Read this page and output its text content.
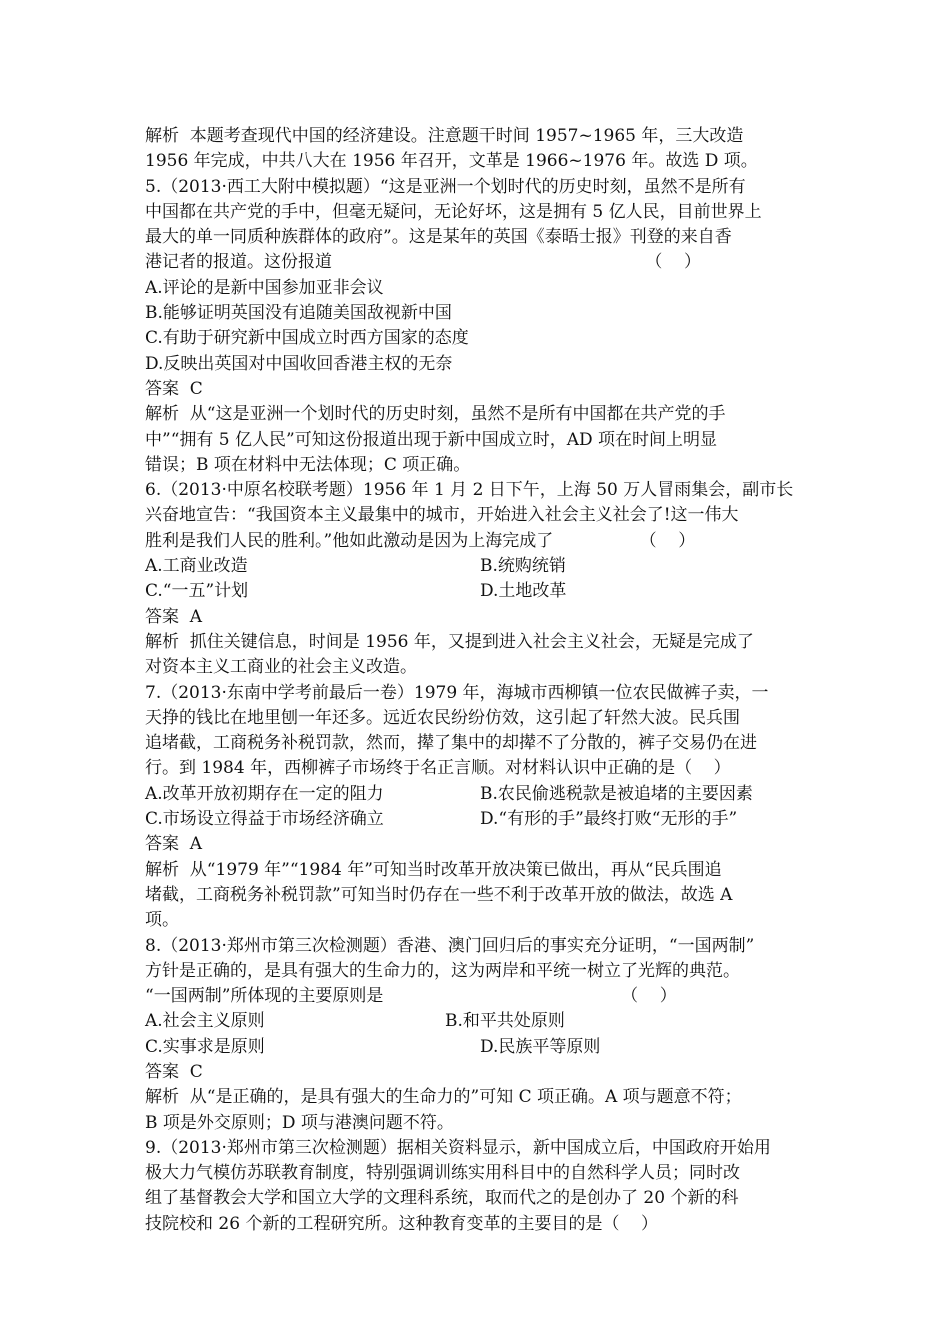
解析  本题考查现代中国的经济建设。注意题干时间 1957~1965 年，三大改造
1956 年完成，中共八大在 1956 年召开，文革是 1966~1976 年。故选 D 项。
5.（2013·西工大附中模拟题）“这是亚洲一个划时代的历史时刻，虽然不是所有
中国都在共产党的手中，但毫无疑问，无论好坏，这是拥有 5 亿人民，目前世界上
最大的单一同质种族群体的政府”。这是某年的英国《泰晤士报》刊登的来自香
港记者的报道。这份报道                                                          （    ）
A.评论的是新中国参加亚非会议
B.能够证明英国没有追随美国敌视新中国
C.有助于研究新中国成立时西方国家的态度
D.反映出英国对中国收回香港主权的无奈
答案  C
解析  从“这是亚洲一个划时代的历史时刻，虽然不是所有中国都在共产党的手
中”“拥有 5 亿人民”可知这份报道出现于新中国成立时，AD 项在时间上明显
错误；B 项在材料中无法体现；C 项正确。
6.（2013·中原名校联考题）1956 年 1 月 2 日下午，上海 50 万人冒雨集会，副市长
兴奋地宣告：“我国资本主义最集中的城市，开始进入社会主义社会了!这一伟大
胜利是我们人民的胜利。”他如此激动是因为上海完成了                （    ）
A.工商业改造	B.统购统销
C.“一五”计划	D.土地改革
答案  A
解析  抓住关键信息，时间是 1956 年，又提到进入社会主义社会，无疑是完成了
对资本主义工商业的社会主义改造。
7.（2013·东南中学考前最后一卷）1979 年，海城市西柳镇一位农民做裤子卖，一
天挣的钱比在地里刨一年还多。远近农民纷纷仿效，这引起了轩然大波。民兵围
追堵截，工商税务补税罚款，然而，撵了集中的却撵不了分散的，裤子交易仍在进
行。到 1984 年，西柳裤子市场终于名正言顺。对材料认识中正确的是（    ）
A.改革开放初期存在一定的阻力	B.农民偷逃税款是被追堵的主要因素
C.市场设立得益于市场经济确立	D.“有形的手”最终打败“无形的手”
答案  A
解析  从“1979 年”“1984 年”可知当时改革开放决策已做出，再从“民兵围追
堵截，工商税务补税罚款”可知当时仍存在一些不利于改革开放的做法，故选 A
项。
8.（2013·郑州市第三次检测题）香港、澳门回归后的事实充分证明，“一国两制”
方针是正确的，是具有强大的生命力的，这为两岸和平统一树立了光辉的典范。
“一国两制”所体现的主要原则是                                            （    ）
A.社会主义原则	B.和平共处原则
C.实事求是原则	D.民族平等原则
答案  C
解析  从“是正确的，是具有强大的生命力的”可知 C 项正确。A 项与题意不符；
B 项是外交原则；D 项与港澳问题不符。
9.（2013·郑州市第三次检测题）据相关资料显示，新中国成立后，中国政府开始用
极大力气模仿苏联教育制度，特别强调训练实用科目中的自然科学人员；同时改
组了基督教会大学和国立大学的文理科系统，取而代之的是创办了 20 个新的科
技院校和 26 个新的工程研究所。这种教育变革的主要目的是（    ）
